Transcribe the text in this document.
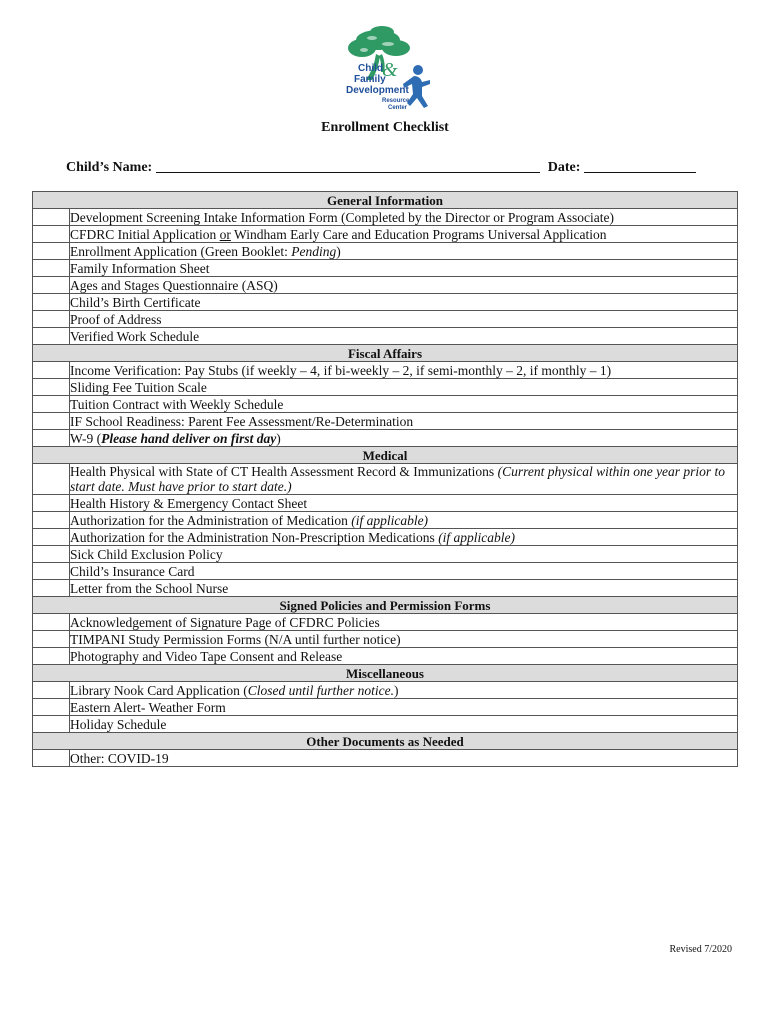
&
Child
Family
Development
Resource
Center
Enrollment Checklist
Child’s Name:	Date:
General Information	
	Development Screening Intake Information Form (Completed by the Director or Program Associate)
	CFDRC Initial Application or Windham Early Care and Education Programs Universal Application
	Enrollment Application (Green Booklet: Pending)
	Family Information Sheet
	Ages and Stages Questionnaire (ASQ)
	Child’s Birth Certificate
	Proof of Address
	Verified Work Schedule
Fiscal Affairs	
	Income Verification: Pay Stubs (if weekly – 4, if bi-weekly – 2, if semi-monthly – 2, if monthly – 1)
	Sliding Fee Tuition Scale
	Tuition Contract with Weekly Schedule
	IF School Readiness: Parent Fee Assessment/Re-Determination
	W-9 (Please hand deliver on first day)
Medical	
	Health Physical with State of CT Health Assessment Record & Immunizations (Current physical within one year prior to start date. Must have prior to start date.)
	Health History & Emergency Contact Sheet
	Authorization for the Administration of Medication (if applicable)
	Authorization for the Administration Non-Prescription Medications (if applicable)
	Sick Child Exclusion Policy
	Child’s Insurance Card
	Letter from the School Nurse
Signed Policies and Permission Forms	
	Acknowledgement of Signature Page of CFDRC Policies
	TIMPANI Study Permission Forms (N/A until further notice)
	Photography and Video Tape Consent and Release
Miscellaneous	
	Library Nook Card Application (Closed until further notice.)
	Eastern Alert- Weather Form
	Holiday Schedule
Other Documents as Needed	
	Other: COVID-19
Revised 7/2020
